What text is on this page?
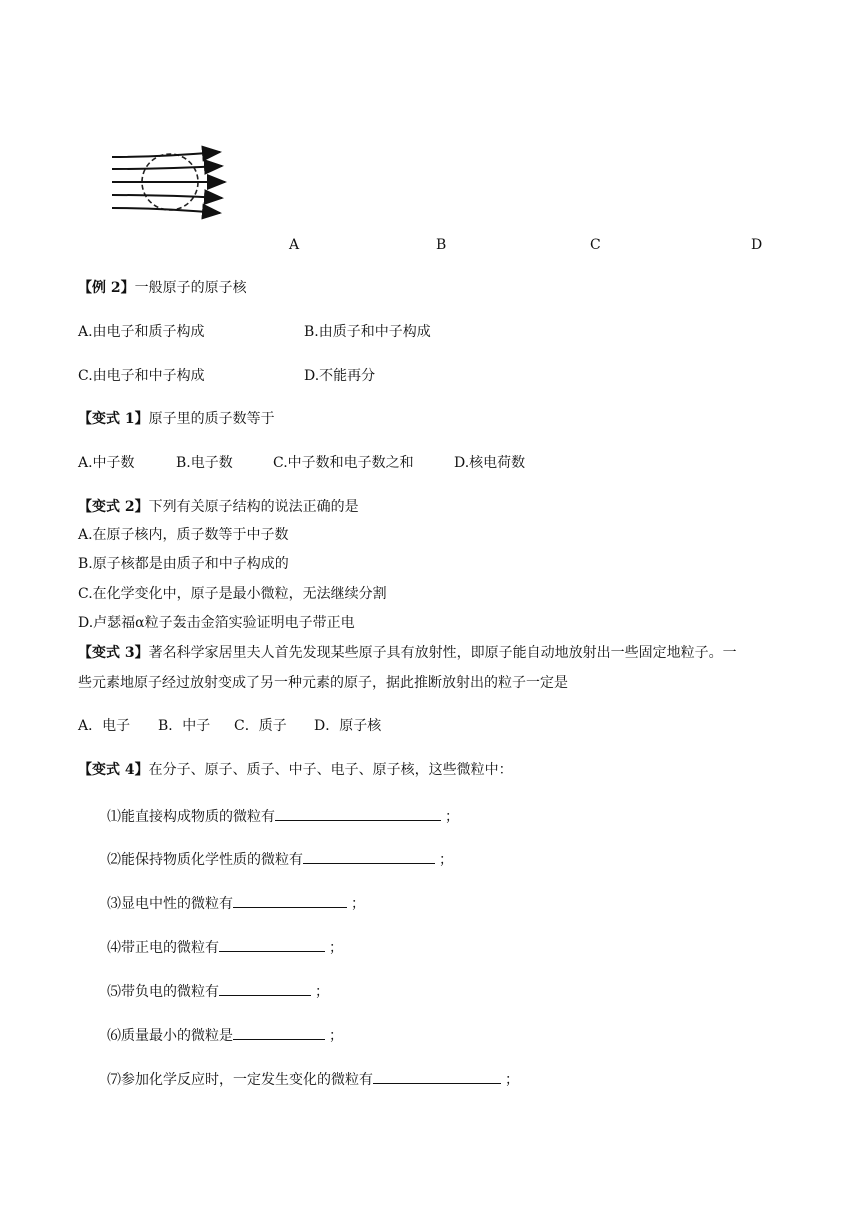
A	B	C	D
【例 2】一般原子的原子核
A.由电子和质子构成	B.由质子和中子构成
C.由电子和中子构成	D.不能再分
【变式 1】原子里的质子数等于
A.中子数	B.电子数	C.中子数和电子数之和	D.核电荷数
【变式 2】下列有关原子结构的说法正确的是
A.在原子核内，质子数等于中子数
B.原子核都是由质子和中子构成的
C.在化学变化中，原子是最小微粒，无法继续分割
D.卢瑟福α粒子轰击金箔实验证明电子带正电
【变式 3】著名科学家居里夫人首先发现某些原子具有放射性，即原子能自动地放射出一些固定地粒子。一
些元素地原子经过放射变成了另一种元素的原子，据此推断放射出的粒子一定是
A．电子 B．中子 C．质子 D．原子核
【变式 4】在分子、原子、质子、中子、电子、原子核，这些微粒中：
⑴能直接构成物质的微粒有	；
⑵能保持物质化学性质的微粒有	；
⑶显电中性的微粒有	；
⑷带正电的微粒有	；
⑸带负电的微粒有	；
⑹质量最小的微粒是	；
⑺参加化学反应时，一定发生变化的微粒有	；
